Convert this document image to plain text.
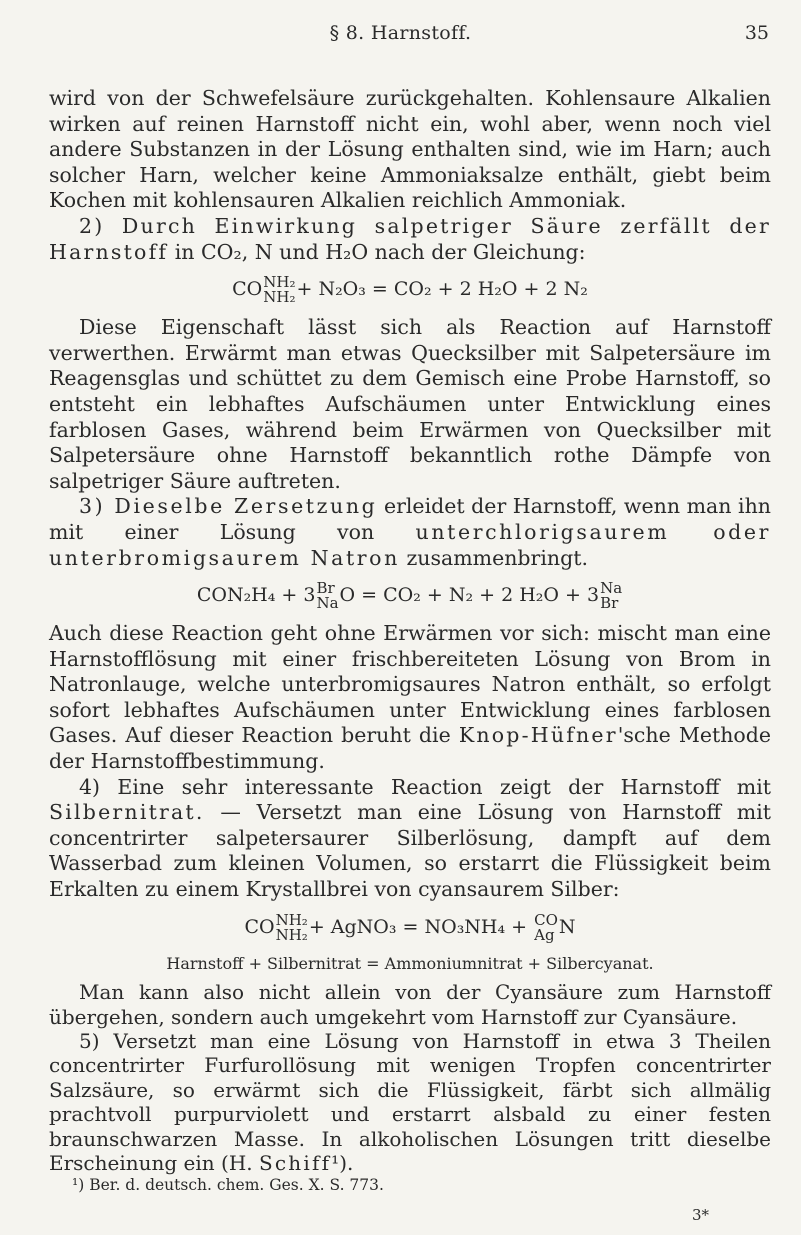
§ 8. Harnstoff.	35

wird von der Schwefelsäure zurückgehalten. Kohlensaure Alkalien wirken auf reinen Harnstoff nicht ein, wohl aber, wenn noch viel andere Substanzen in der Lösung enthalten sind, wie im Harn; auch solcher Harn, welcher keine Ammoniaksalze enthält, giebt beim Kochen mit kohlensauren Alkalien reichlich Ammoniak.

2) Durch Einwirkung salpetriger Säure zerfällt der Harnstoff in CO₂, N und H₂O nach der Gleichung:

CO NH₂
NH₂ + N₂O₃ = CO₂ + 2 H₂O + 2 N₂

Diese Eigenschaft lässt sich als Reaction auf Harnstoff verwerthen. Erwärmt man etwas Quecksilber mit Salpetersäure im Reagensglas und schüttet zu dem Gemisch eine Probe Harnstoff, so entsteht ein lebhaftes Aufschäumen unter Entwicklung eines farblosen Gases, während beim Erwärmen von Quecksilber mit Salpetersäure ohne Harnstoff bekanntlich rothe Dämpfe von salpetriger Säure auftreten.

3) Dieselbe Zersetzung erleidet der Harnstoff, wenn man ihn mit einer Lösung von unterchlorigsaurem oder unterbromigsaurem Natron zusammenbringt.

CON₂H₄ + 3 Br
Na O = CO₂ + N₂ + 2 H₂O + 3 Na
Br

Auch diese Reaction geht ohne Erwärmen vor sich: mischt man eine Harnstofflösung mit einer frischbereiteten Lösung von Brom in Natronlauge, welche unterbromigsaures Natron enthält, so erfolgt sofort lebhaftes Aufschäumen unter Entwicklung eines farblosen Gases. Auf dieser Reaction beruht die Knop-Hüfner'sche Methode der Harnstoffbestimmung.

4) Eine sehr interessante Reaction zeigt der Harnstoff mit Silbernitrat. — Versetzt man eine Lösung von Harnstoff mit concentrirter salpetersaurer Silberlösung, dampft auf dem Wasserbad zum kleinen Volumen, so erstarrt die Flüssigkeit beim Erkalten zu einem Krystallbrei von cyansaurem Silber:

CO NH₂
NH₂ + AgNO₃ = NO₃NH₄ + CO
Ag N
Harnstoff + Silbernitrat = Ammoniumnitrat + Silbercyanat.

Man kann also nicht allein von der Cyansäure zum Harnstoff übergehen, sondern auch umgekehrt vom Harnstoff zur Cyansäure.

5) Versetzt man eine Lösung von Harnstoff in etwa 3 Theilen concentrirter Furfurollösung mit wenigen Tropfen concentrirter Salzsäure, so erwärmt sich die Flüssigkeit, färbt sich allmälig prachtvoll purpurviolett und erstarrt alsbald zu einer festen braunschwarzen Masse. In alkoholischen Lösungen tritt dieselbe Erscheinung ein (H. Schiff¹).

¹) Ber. d. deutsch. chem. Ges. X. S. 773.
3*
